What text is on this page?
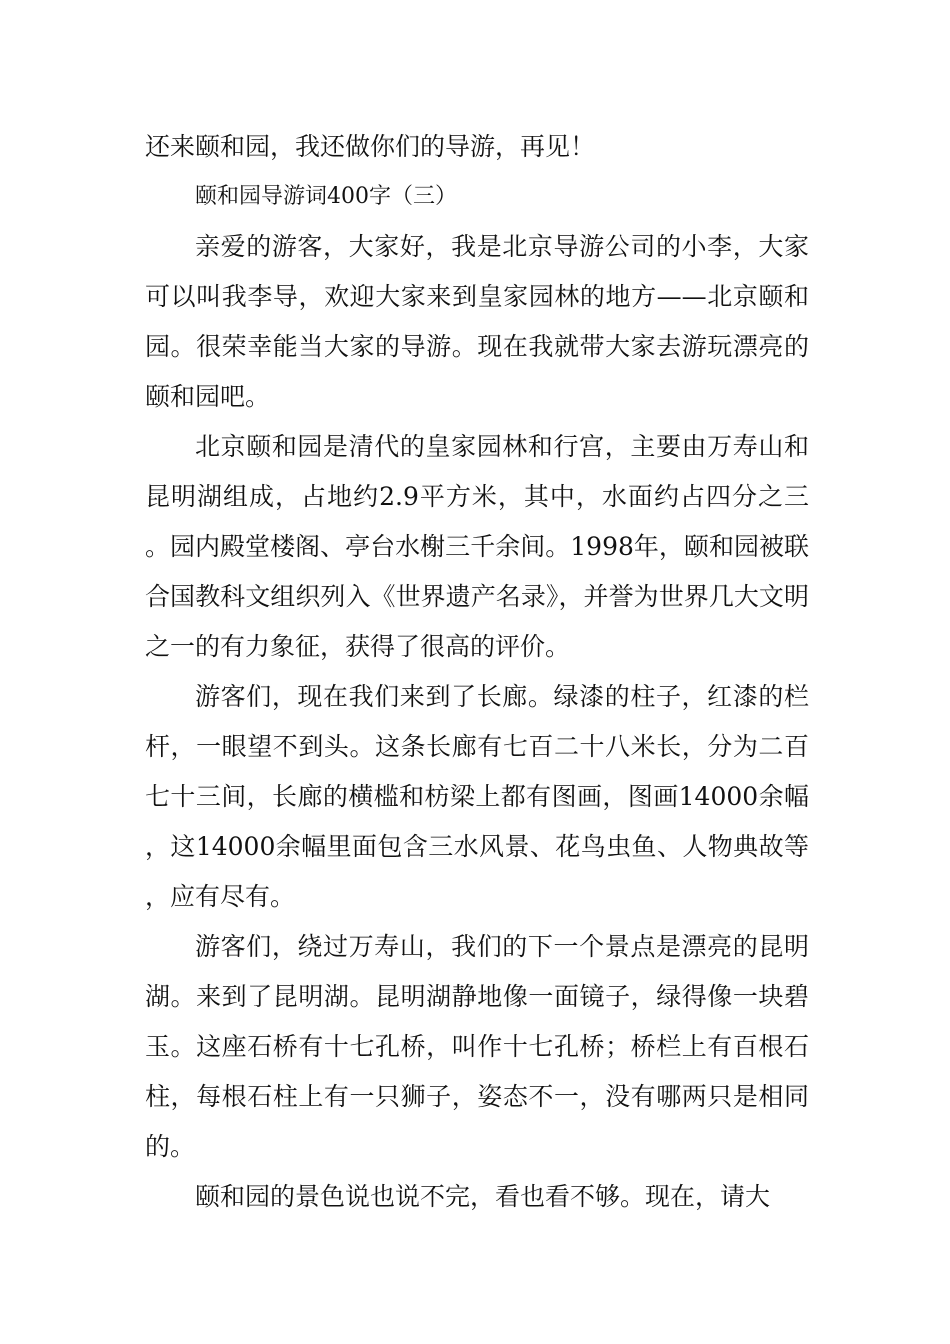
还来颐和园，我还做你们的导游，再见！

颐和园导游词400字（三）

亲爱的游客，大家好，我是北京导游公司的小李，大家可以叫我李导，欢迎大家来到皇家园林的地方——北京颐和园。很荣幸能当大家的导游。现在我就带大家去游玩漂亮的颐和园吧。

北京颐和园是清代的皇家园林和行宫，主要由万寿山和昆明湖组成，占地约2.9平方米，其中，水面约占四分之三。园内殿堂楼阁、亭台水榭三千余间。1998年，颐和园被联合国教科文组织列入《世界遗产名录》，并誉为世界几大文明之一的有力象征，获得了很高的评价。

游客们，现在我们来到了长廊。绿漆的柱子，红漆的栏杆，一眼望不到头。这条长廊有七百二十八米长，分为二百七十三间，长廊的横槛和枋梁上都有图画，图画14000余幅，这14000余幅里面包含三水风景、花鸟虫鱼、人物典故等，应有尽有。

游客们，绕过万寿山，我们的下一个景点是漂亮的昆明湖。来到了昆明湖。昆明湖静地像一面镜子，绿得像一块碧玉。这座石桥有十七孔桥，叫作十七孔桥；桥栏上有百根石柱，每根石柱上有一只狮子，姿态不一，没有哪两只是相同的。

颐和园的景色说也说不完，看也看不够。现在，请大
